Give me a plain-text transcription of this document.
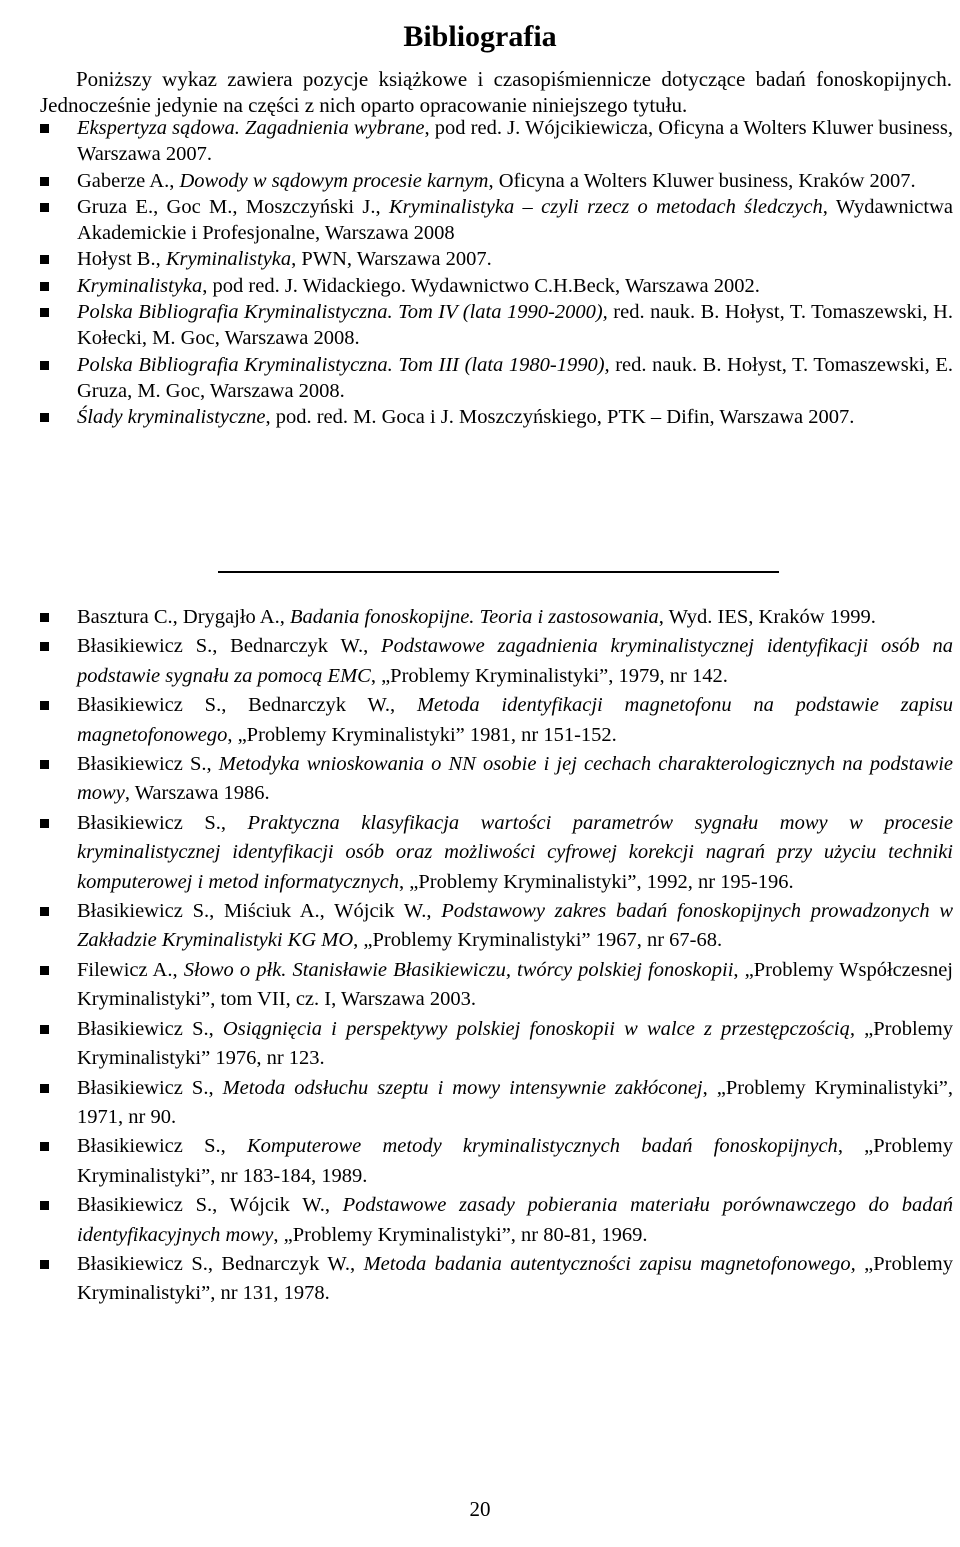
Bibliografia

Poniższy wykaz zawiera pozycje książkowe i czasopiśmiennicze dotyczące badań fonoskopijnych. Jednocześnie jedynie na części z nich oparto opracowanie niniejszego tytułu.

Ekspertyza sądowa. Zagadnienia wybrane, pod red. J. Wójcikiewicza, Oficyna a Wolters Kluwer business, Warszawa 2007.
Gaberze A., Dowody w sądowym procesie karnym, Oficyna a Wolters Kluwer business, Kraków 2007.
Gruza E., Goc M., Moszczyński J., Kryminalistyka – czyli rzecz o metodach śledczych, Wydawnictwa Akademickie i Profesjonalne, Warszawa 2008
Hołyst B., Kryminalistyka, PWN, Warszawa 2007.
Kryminalistyka, pod red. J. Widackiego. Wydawnictwo C.H.Beck, Warszawa 2002.
Polska Bibliografia Kryminalistyczna. Tom IV (lata 1990-2000), red. nauk. B. Hołyst, T. Tomaszewski, H. Kołecki, M. Goc, Warszawa 2008.
Polska Bibliografia Kryminalistyczna. Tom III (lata 1980-1990), red. nauk. B. Hołyst, T. Tomaszewski, E. Gruza, M. Goc, Warszawa 2008.
Ślady kryminalistyczne, pod. red. M. Goca i J. Moszczyńskiego, PTK – Difin, Warszawa 2007.
Basztura C., Drygajło A., Badania fonoskopijne. Teoria i zastosowania, Wyd. IES, Kraków 1999.
Błasikiewicz S., Bednarczyk W., Podstawowe zagadnienia kryminalistycznej identyfikacji osób na podstawie sygnału za pomocą EMC, „Problemy Kryminalistyki”, 1979, nr 142.
Błasikiewicz S., Bednarczyk W., Metoda identyfikacji magnetofonu na podstawie zapisu magnetofonowego, „Problemy Kryminalistyki” 1981, nr 151-152.
Błasikiewicz S., Metodyka wnioskowania o NN osobie i jej cechach charakterologicznych na podstawie mowy, Warszawa 1986.
Błasikiewicz S., Praktyczna klasyfikacja wartości parametrów sygnału mowy w procesie kryminalistycznej identyfikacji osób oraz możliwości cyfrowej korekcji nagrań przy użyciu techniki komputerowej i metod informatycznych, „Problemy Kryminalistyki”, 1992, nr 195-196.
Błasikiewicz S., Miściuk A., Wójcik W., Podstawowy zakres badań fonoskopijnych prowadzonych w Zakładzie Kryminalistyki KG MO, „Problemy Kryminalistyki” 1967, nr 67-68.
Filewicz A., Słowo o płk. Stanisławie Błasikiewiczu, twórcy polskiej fonoskopii, „Problemy Współczesnej Kryminalistyki”, tom VII, cz. I, Warszawa 2003.
Błasikiewicz S., Osiągnięcia i perspektywy polskiej fonoskopii w walce z przestępczością, „Problemy Kryminalistyki” 1976, nr 123.
Błasikiewicz S., Metoda odsłuchu szeptu i mowy intensywnie zakłóconej, „Problemy Kryminalistyki”, 1971, nr 90.
Błasikiewicz S., Komputerowe metody kryminalistycznych badań fonoskopijnych, „Problemy Kryminalistyki”, nr 183-184, 1989.
Błasikiewicz S., Wójcik W., Podstawowe zasady pobierania materiału porównawczego do badań identyfikacyjnych mowy, „Problemy Kryminalistyki”, nr 80-81, 1969.
Błasikiewicz S., Bednarczyk W., Metoda badania autentyczności zapisu magnetofonowego, „Problemy Kryminalistyki”, nr 131, 1978.
20
